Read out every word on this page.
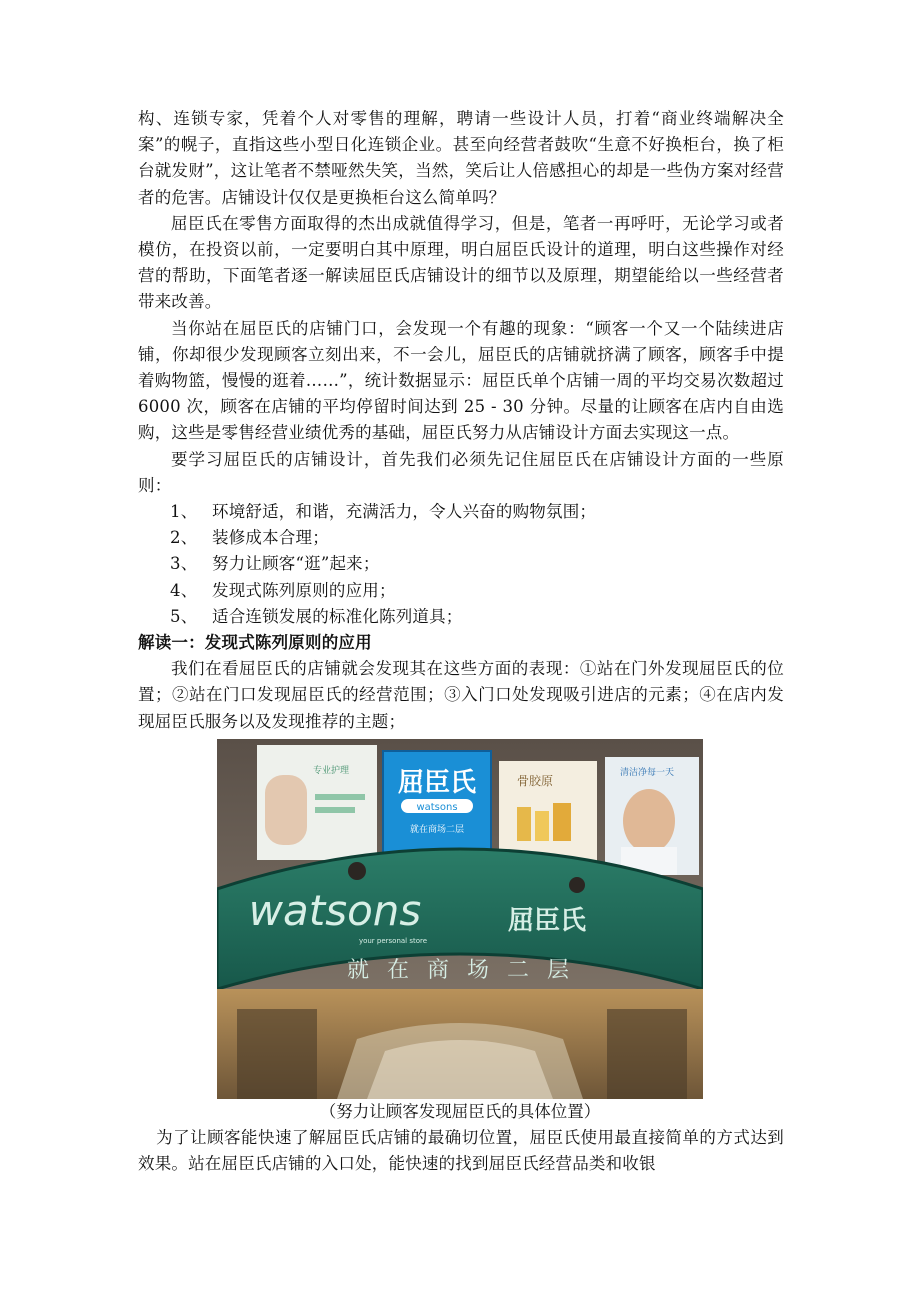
构、连锁专家，凭着个人对零售的理解，聘请一些设计人员，打着“商业终端解决全案”的幌子，直指这些小型日化连锁企业。甚至向经营者鼓吹“生意不好换柜台，换了柜台就发财”，这让笔者不禁哑然失笑，当然，笑后让人倍感担心的却是一些伪方案对经营者的危害。店铺设计仅仅是更换柜台这么简单吗？

屈臣氏在零售方面取得的杰出成就值得学习，但是，笔者一再呼吁，无论学习或者模仿，在投资以前，一定要明白其中原理，明白屈臣氏设计的道理，明白这些操作对经营的帮助，下面笔者逐一解读屈臣氏店铺设计的细节以及原理，期望能给以一些经营者带来改善。

当你站在屈臣氏的店铺门口，会发现一个有趣的现象：“顾客一个又一个陆续进店铺，你却很少发现顾客立刻出来，不一会儿，屈臣氏的店铺就挤满了顾客，顾客手中提着购物篮，慢慢的逛着……”，统计数据显示：屈臣氏单个店铺一周的平均交易次数超过 6000 次，顾客在店铺的平均停留时间达到 25 - 30 分钟。尽量的让顾客在店内自由选购，这些是零售经营业绩优秀的基础，屈臣氏努力从店铺设计方面去实现这一点。

要学习屈臣氏的店铺设计，首先我们必须先记住屈臣氏在店铺设计方面的一些原则：

1、 环境舒适，和谐，充满活力，令人兴奋的购物氛围；
2、 装修成本合理；
3、 努力让顾客“逛”起来；
4、 发现式陈列原则的应用；
5、 适合连锁发展的标准化陈列道具；

解读一：发现式陈列原则的应用

我们在看屈臣氏的店铺就会发现其在这些方面的表现：①站在门外发现屈臣氏的位置；②站在门口发现屈臣氏的经营范围；③入门口处发现吸引进店的元素；④在店内发现屈臣氏服务以及发现推荐的主题；

专业护理 屈臣氏
watsons
就在商场二层
骨胶原
清洁净每一天
watsons
your personal store
屈臣氏
就在商场二层
（努力让顾客发现屈臣氏的具体位置）

为了让顾客能快速了解屈臣氏店铺的最确切位置，屈臣氏使用最直接简单的方式达到效果。站在屈臣氏店铺的入口处，能快速的找到屈臣氏经营品类和收银
